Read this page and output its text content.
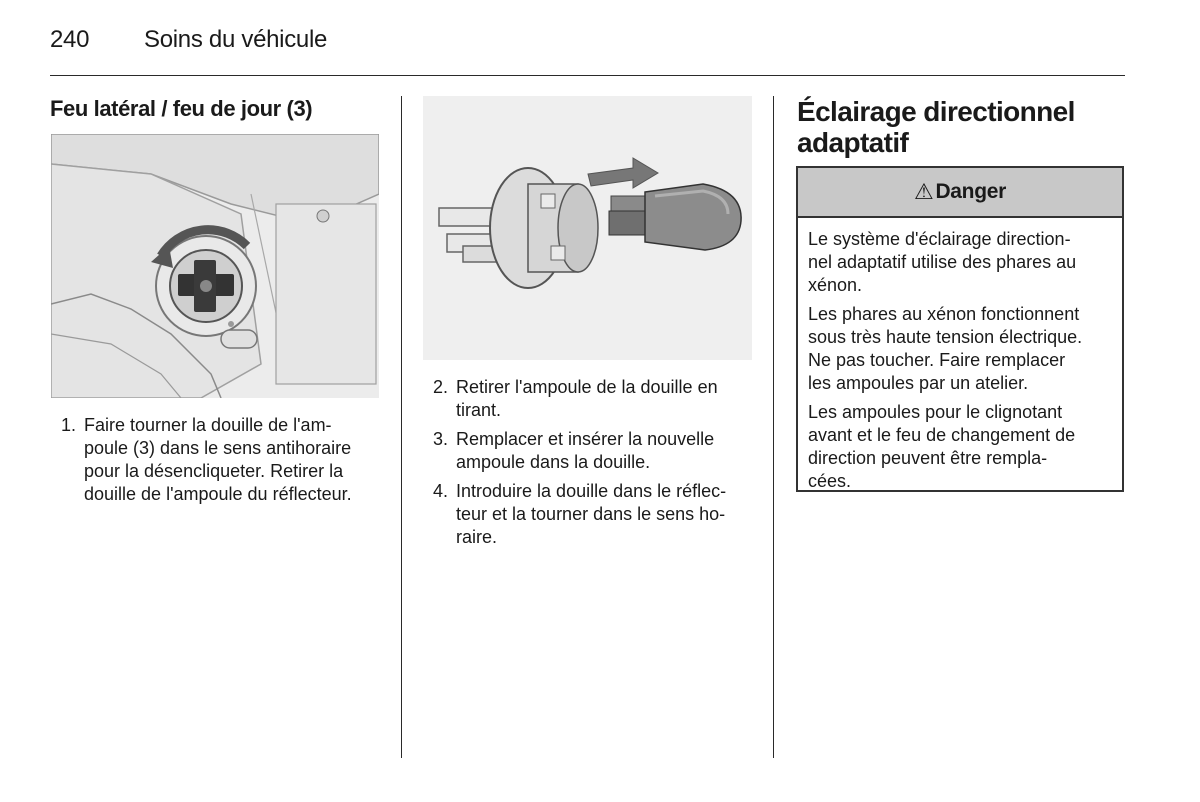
240 Soins du véhicule
Feu latéral / feu de jour (3)
1. Faire tourner la douille de l'am-
poule (3) dans le sens antihoraire
pour la désencliqueter. Retirer la
douille de l'ampoule du réflecteur.
2. Retirer l'ampoule de la douille en
tirant.
3. Remplacer et insérer la nouvelle
ampoule dans la douille.
4. Introduire la douille dans le réflec-
teur et la tourner dans le sens ho-
raire.
Éclairage directionnel
adaptatif
⚠ Danger

Le système d'éclairage direction-
nel adaptatif utilise des phares au
xénon.

Les phares au xénon fonctionnent
sous très haute tension électrique.
Ne pas toucher. Faire remplacer
les ampoules par un atelier.

Les ampoules pour le clignotant
avant et le feu de changement de
direction peuvent être rempla-
cées.
